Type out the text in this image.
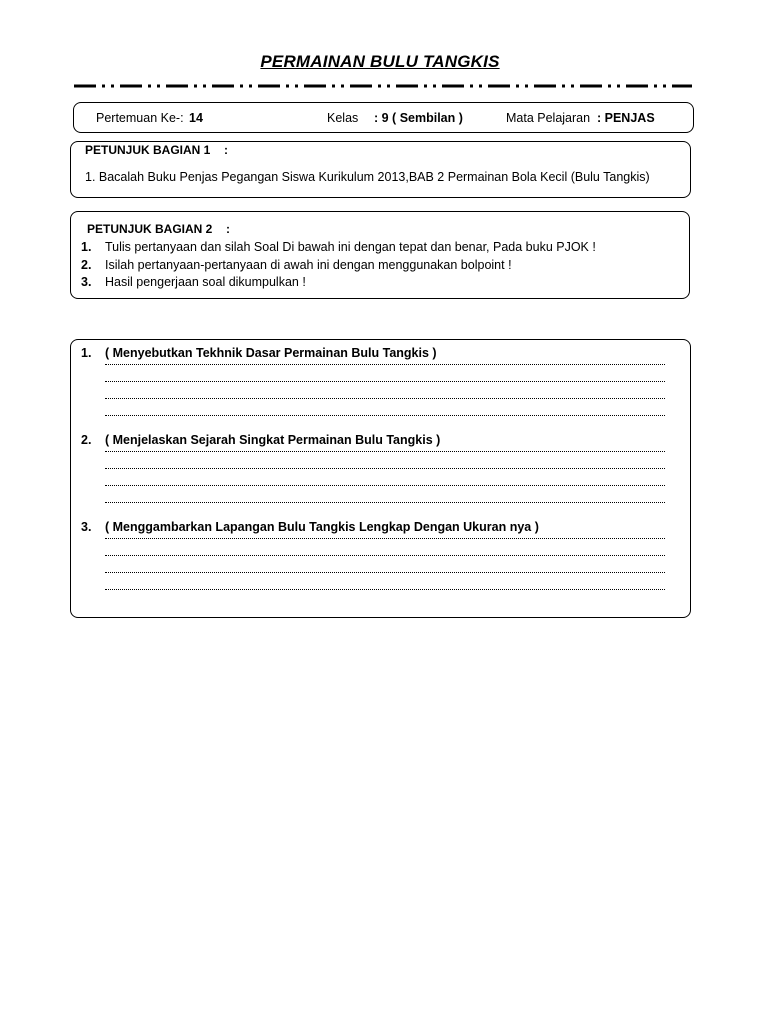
PERMAINAN BULU TANGKIS
Pertemuan Ke-: 14	Kelas : 9 ( Sembilan )	Mata Pelajaran : PENJAS
PETUNJUK BAGIAN 1 :
1. Bacalah Buku Penjas Pegangan Siswa Kurikulum 2013,BAB 2 Permainan Bola Kecil (Bulu Tangkis)
PETUNJUK BAGIAN 2 :
1. Tulis pertanyaan dan silah Soal Di bawah ini dengan tepat dan benar, Pada buku PJOK !
2. Isilah pertanyaan-pertanyaan di awah ini dengan menggunakan bolpoint !
3. Hasil pengerjaan soal dikumpulkan !
1. ( Menyebutkan Tekhnik Dasar Permainan Bulu Tangkis )
2. ( Menjelaskan Sejarah Singkat Permainan Bulu Tangkis )
3. ( Menggambarkan Lapangan Bulu Tangkis Lengkap Dengan Ukuran nya )
